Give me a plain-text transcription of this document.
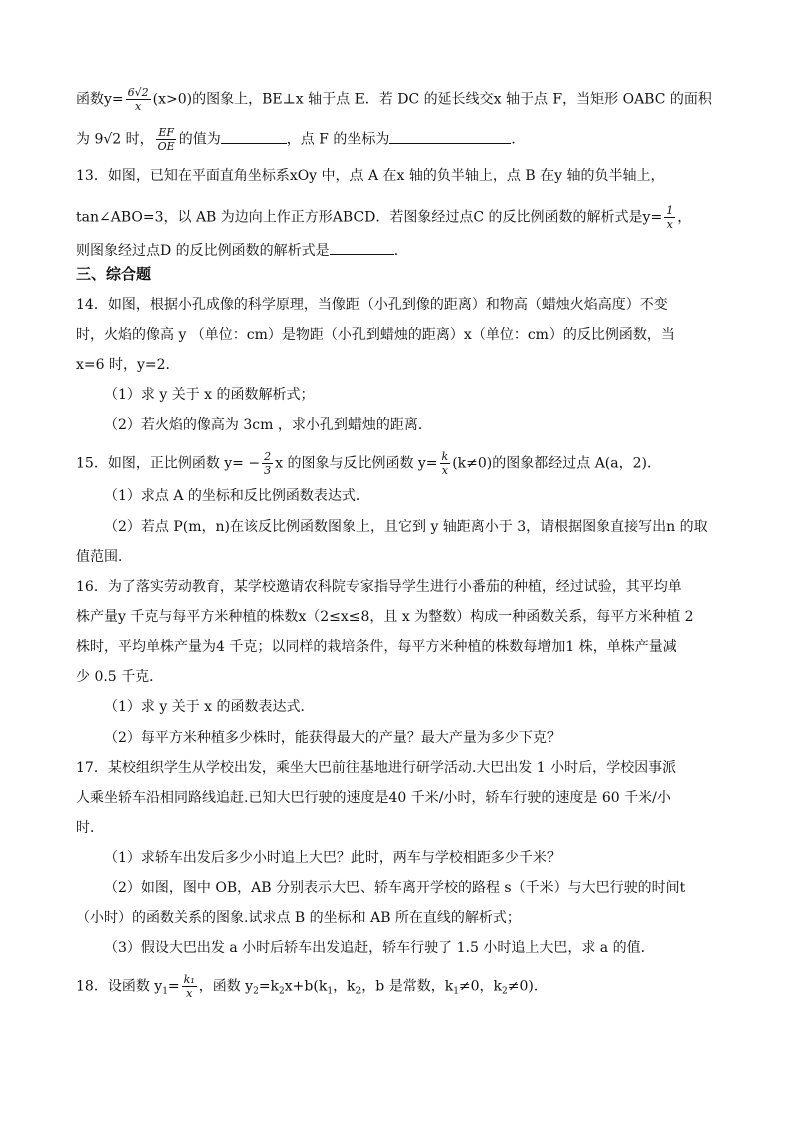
函数$y= \frac{6√2}{x} (x>0)$的图象上，BE⊥x 轴于点 E．若 DC 的延长线交x 轴于点 F，当矩形 OABC 的面积
为 9√2 时， $\frac{EF}{OE}$ 的值为	，点 F 的坐标为	．
13．如图，已知在平面直角坐标系xOy 中，点 A 在x 轴的负半轴上，点 B 在y 轴的负半轴上，
tan∠ABO=3，以 AB 为边向上作正方形ABCD．若图象经过点C 的反比例函数的解析式是$y= \frac{1}{x}$ ，
则图象经过点D 的反比例函数的解析式是	．
三、综合题
14．如图，根据小孔成像的科学原理，当像距（小孔到像的距离）和物高（蜡烛火焰高度）不变
时，火焰的像高 y （单位：cm）是物距（小孔到蜡烛的距离）x（单位：cm）的反比例函数，当
x=6 时，y=2．
（1）求 y 关于 x 的函数解析式；
（2）若火焰的像高为 3cm ，求小孔到蜡烛的距离．
15．如图，正比例函数 $y= - \frac{2}{3}$ x 的图象与反比例函数 $y= \frac{k}{x} (k\ne 0)$的图象都经过点 A(a，2)．
（1）求点 A 的坐标和反比例函数表达式．
（2）若点 P(m，n)在该反比例函数图象上，且它到 y 轴距离小于 3，请根据图象直接写出n 的取
值范围．
16．为了落实劳动教育，某学校邀请农科院专家指导学生进行小番茄的种植，经过试验，其平均单
株产量y 千克与每平方米种植的株数x（2≤x≤8，且 x 为整数）构成一种函数关系，每平方米种植 2
株时，平均单株产量为4 千克；以同样的栽培条件，每平方米种植的株数每增加1 株，单株产量减
少 0.5 千克．
（1）求 y 关于 x 的函数表达式．
（2）每平方米种植多少株时，能获得最大的产量？最大产量为多少下克？
17．某校组织学生从学校出发，乘坐大巴前往基地进行研学活动.大巴出发 1 小时后，学校因事派
人乘坐轿车沿相同路线追赶.已知大巴行驶的速度是40 千米/小时，轿车行驶的速度是 60 千米/小
时．
（1）求轿车出发后多少小时追上大巴？此时，两车与学校相距多少千米？
（2）如图，图中 OB，AB 分别表示大巴、轿车离开学校的路程 s（千米）与大巴行驶的时间t
（小时）的函数关系的图象.试求点 B 的坐标和 AB 所在直线的解析式；
（3）假设大巴出发 a 小时后轿车出发追赶，轿车行驶了 1.5 小时追上大巴，求 a 的值．
18．设函数 $y_1= \frac{\text{k₁}}{x}$ ，函数 $y_2=k_2x+b(k_1$，$k_2$，b 是常数，$k_1\ne 0$，$k_2\ne 0$)．
